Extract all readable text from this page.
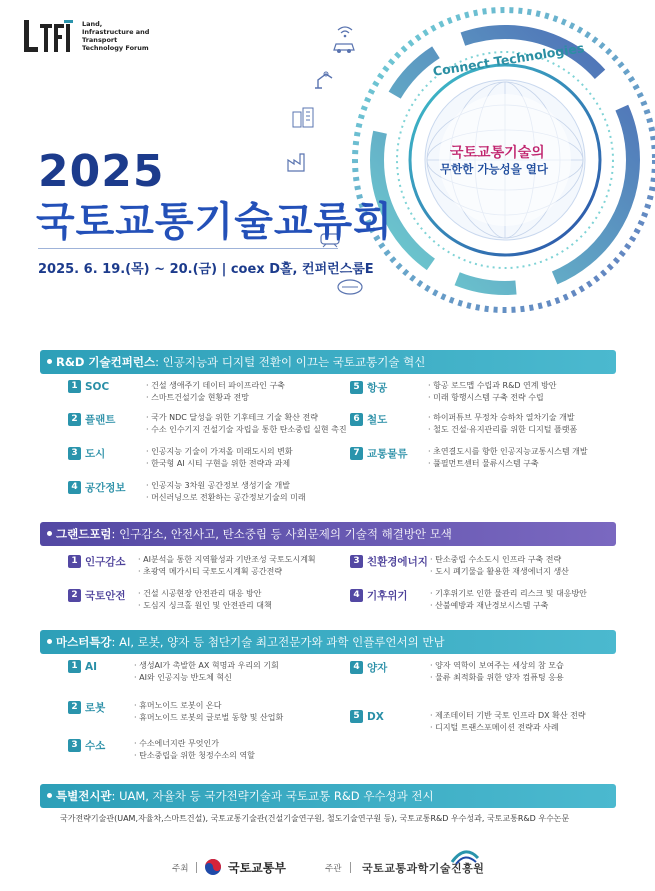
Land,
Infrastructure and
Transport
Technology Forum	Connect Technologies
국토교통기술의
무한한 가능성을 열다
2025
국토교통기술교류회
2025. 6. 19.(목) ~ 20.(금) | coex D홀, 컨퍼런스룸E
R&D 기술컨퍼런스 : 인공지능과 디지털 전환이 이끄는 국토교통기술 혁신
1 SOC	· 건설 생애주기 데이터 파이프라인 구축
· 스마트건설기술 현황과 전망
2 플랜트	· 국가 NDC 달성을 위한 기후테크 기술 확산 전략
· 수소 인수기지 건설기술 자립을 통한 탄소중립 실현 촉진
3 도시	· 인공지능 기술이 가져올 미래도시의 변화
· 한국형 AI 시티 구현을 위한 전략과 과제
4 공간정보	· 인공지능 3차원 공간정보 생성기술 개발
· 머신러닝으로 전환하는 공간정보기술의 미래
5 항공	· 항공 로드맵 수립과 R&D 연계 방안
· 미래 항행시스템 구축 전략 수립
6 철도	· 하이퍼튜브 무정차 승하차 열차기술 개발
· 철도 건설·유지관리를 위한 디지털 플랫폼
7 교통물류	· 초연결도시를 향한 인공지능교통시스템 개발
· 풀필먼트센터 물류시스템 구축
그랜드포럼 : 인구감소, 안전사고, 탄소중립 등 사회문제의 기술적 해결방안 모색
1 인구감소	· AI분석을 통한 지역활성과 기반조성 국토도시계획
· 초광역 메가시티 국토도시계획 공간전략
2 국토안전	· 건설 시공현장 안전관리 대응 방안
· 도심지 싱크홀 원인 및 안전관리 대책
3 친환경에너지 · 탄소중립 수소도시 인프라 구축 전략
· 도시 폐기물을 활용한 재생에너지 생산
4 기후위기	· 기후위기로 인한 물관리 리스크 및 대응방안
· 산불예방과 재난경보시스템 구축
마스터특강 : AI, 로봇, 양자 등 첨단기술 최고전문가와 과학 인플루언서의 만남
1 AI	· 생성AI가 촉발한 AX 혁명과 우리의 기회
· AI와 인공지능 반도체 혁신
2 로봇	· 휴머노이드 로봇이 온다
· 휴머노이드 로봇의 글로벌 동향 및 산업화
3 수소	· 수소에너지란 무엇인가
· 탄소중립을 위한 청정수소의 역할
4 양자	· 양자 역학이 보여주는 세상의 참 모습
· 물류 최적화를 위한 양자 컴퓨팅 응용
5 DX	· 제조데이터 기반 국토 인프라 DX 확산 전략
· 디지털 트랜스포메이션 전략과 사례
특별전시관 : UAM, 자율차 등 국가전략기술과 국토교통 R&D 우수성과 전시
국가전략기술관(UAM,자율차,스마트건설), 국토교통기술관(건설기술연구원, 철도기술연구원 등), 국토교통R&D 우수성과, 국토교통R&D 우수논문
주최	국토교통부	주관 국토교통과학기술진흥원
